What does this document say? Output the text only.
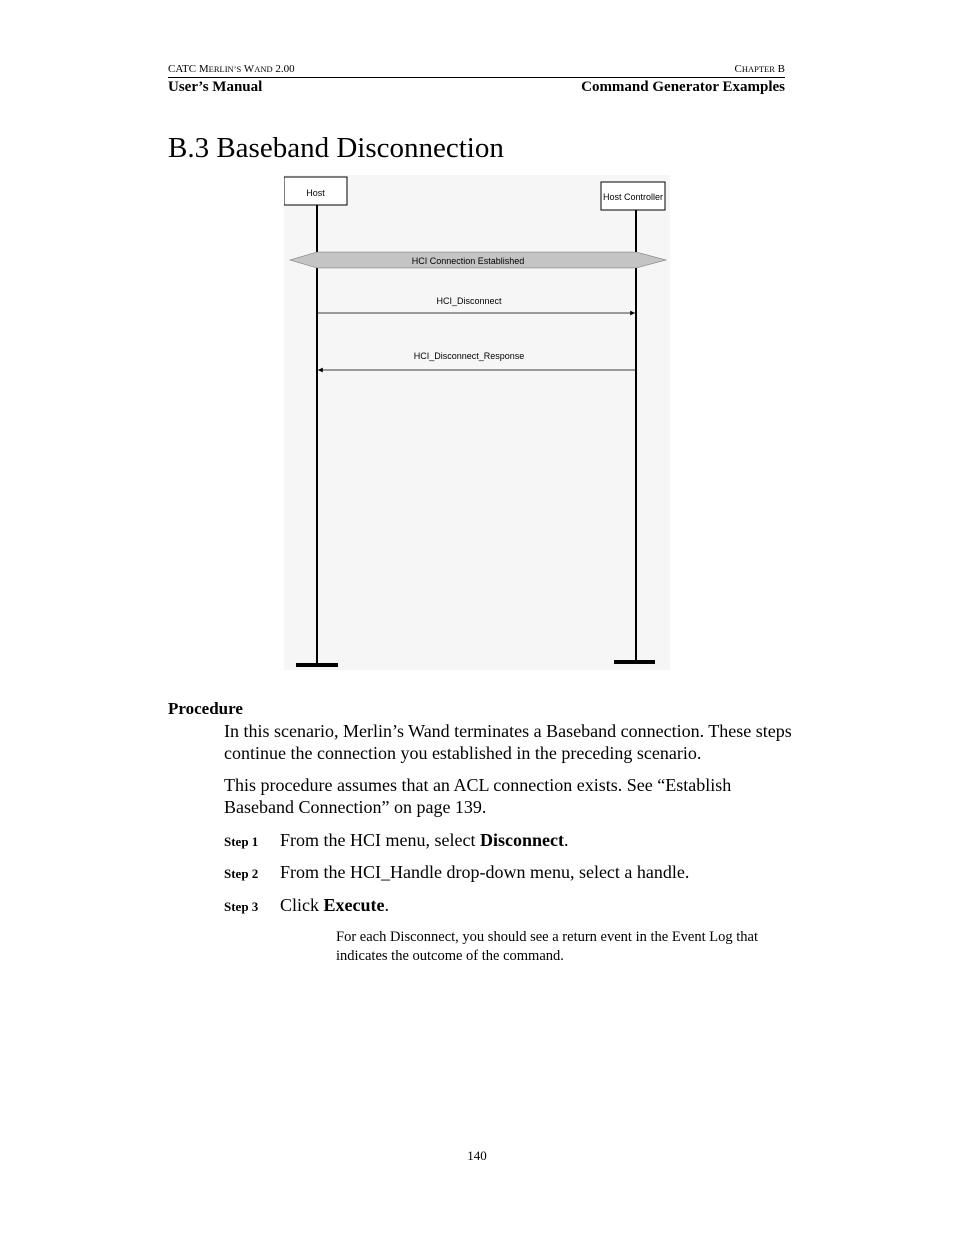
CATC MERLIN’S WAND 2.00	CHAPTER B
User’s Manual	Command Generator Examples
B.3 Baseband Disconnection
Host	Host Controller
HCI Connection Established
HCI_Disconnect
HCI_Disconnect_Response
Procedure
In this scenario, Merlin’s Wand terminates a Baseband connection. These steps continue the connection you established in the preceding scenario.
This procedure assumes that an ACL connection exists. See “Establish Baseband Connection” on page 139.
Step 1 From the HCI menu, select Disconnect.
Step 2 From the HCI_Handle drop-down menu, select a handle.
Step 3 Click Execute.
For each Disconnect, you should see a return event in the Event Log that indicates the outcome of the command.
140
